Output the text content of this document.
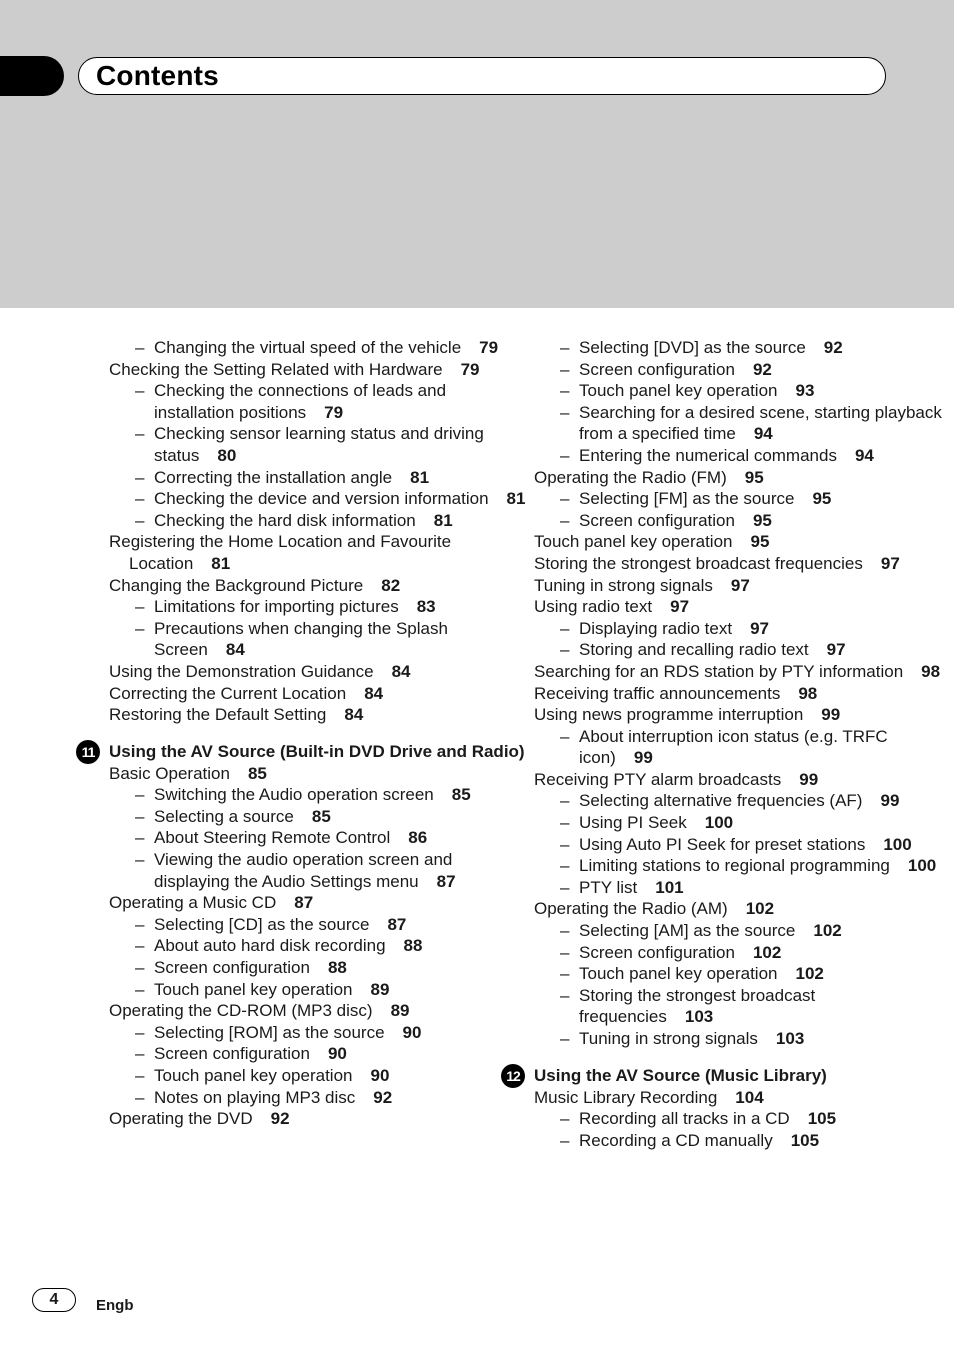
Contents
– Changing the virtual speed of the vehicle 79
Checking the Setting Related with Hardware 79
– Checking the connections of leads and installation positions 79
– Checking sensor learning status and driving status 80
– Correcting the installation angle 81
– Checking the device and version information 81
– Checking the hard disk information 81
Registering the Home Location and Favourite Location 81
Changing the Background Picture 82
– Limitations for importing pictures 83
– Precautions when changing the Splash Screen 84
Using the Demonstration Guidance 84
Correcting the Current Location 84
Restoring the Default Setting 84
11 Using the AV Source (Built-in DVD Drive and Radio)
Basic Operation 85
– Switching the Audio operation screen 85
– Selecting a source 85
– About Steering Remote Control 86
– Viewing the audio operation screen and displaying the Audio Settings menu 87
Operating a Music CD 87
– Selecting [CD] as the source 87
– About auto hard disk recording 88
– Screen configuration 88
– Touch panel key operation 89
Operating the CD-ROM (MP3 disc) 89
– Selecting [ROM] as the source 90
– Screen configuration 90
– Touch panel key operation 90
– Notes on playing MP3 disc 92
Operating the DVD 92
– Selecting [DVD] as the source 92
– Screen configuration 92
– Touch panel key operation 93
– Searching for a desired scene, starting playback from a specified time 94
– Entering the numerical commands 94
Operating the Radio (FM) 95
– Selecting [FM] as the source 95
– Screen configuration 95
Touch panel key operation 95
Storing the strongest broadcast frequencies 97
Tuning in strong signals 97
Using radio text 97
– Displaying radio text 97
– Storing and recalling radio text 97
Searching for an RDS station by PTY information 98
Receiving traffic announcements 98
Using news programme interruption 99
– About interruption icon status (e.g. TRFC icon) 99
Receiving PTY alarm broadcasts 99
– Selecting alternative frequencies (AF) 99
– Using PI Seek 100
– Using Auto PI Seek for preset stations 100
– Limiting stations to regional programming 100
– PTY list 101
Operating the Radio (AM) 102
– Selecting [AM] as the source 102
– Screen configuration 102
– Touch panel key operation 102
– Storing the strongest broadcast frequencies 103
– Tuning in strong signals 103
12 Using the AV Source (Music Library)
Music Library Recording 104
– Recording all tracks in a CD 105
– Recording a CD manually 105
4	Engb
